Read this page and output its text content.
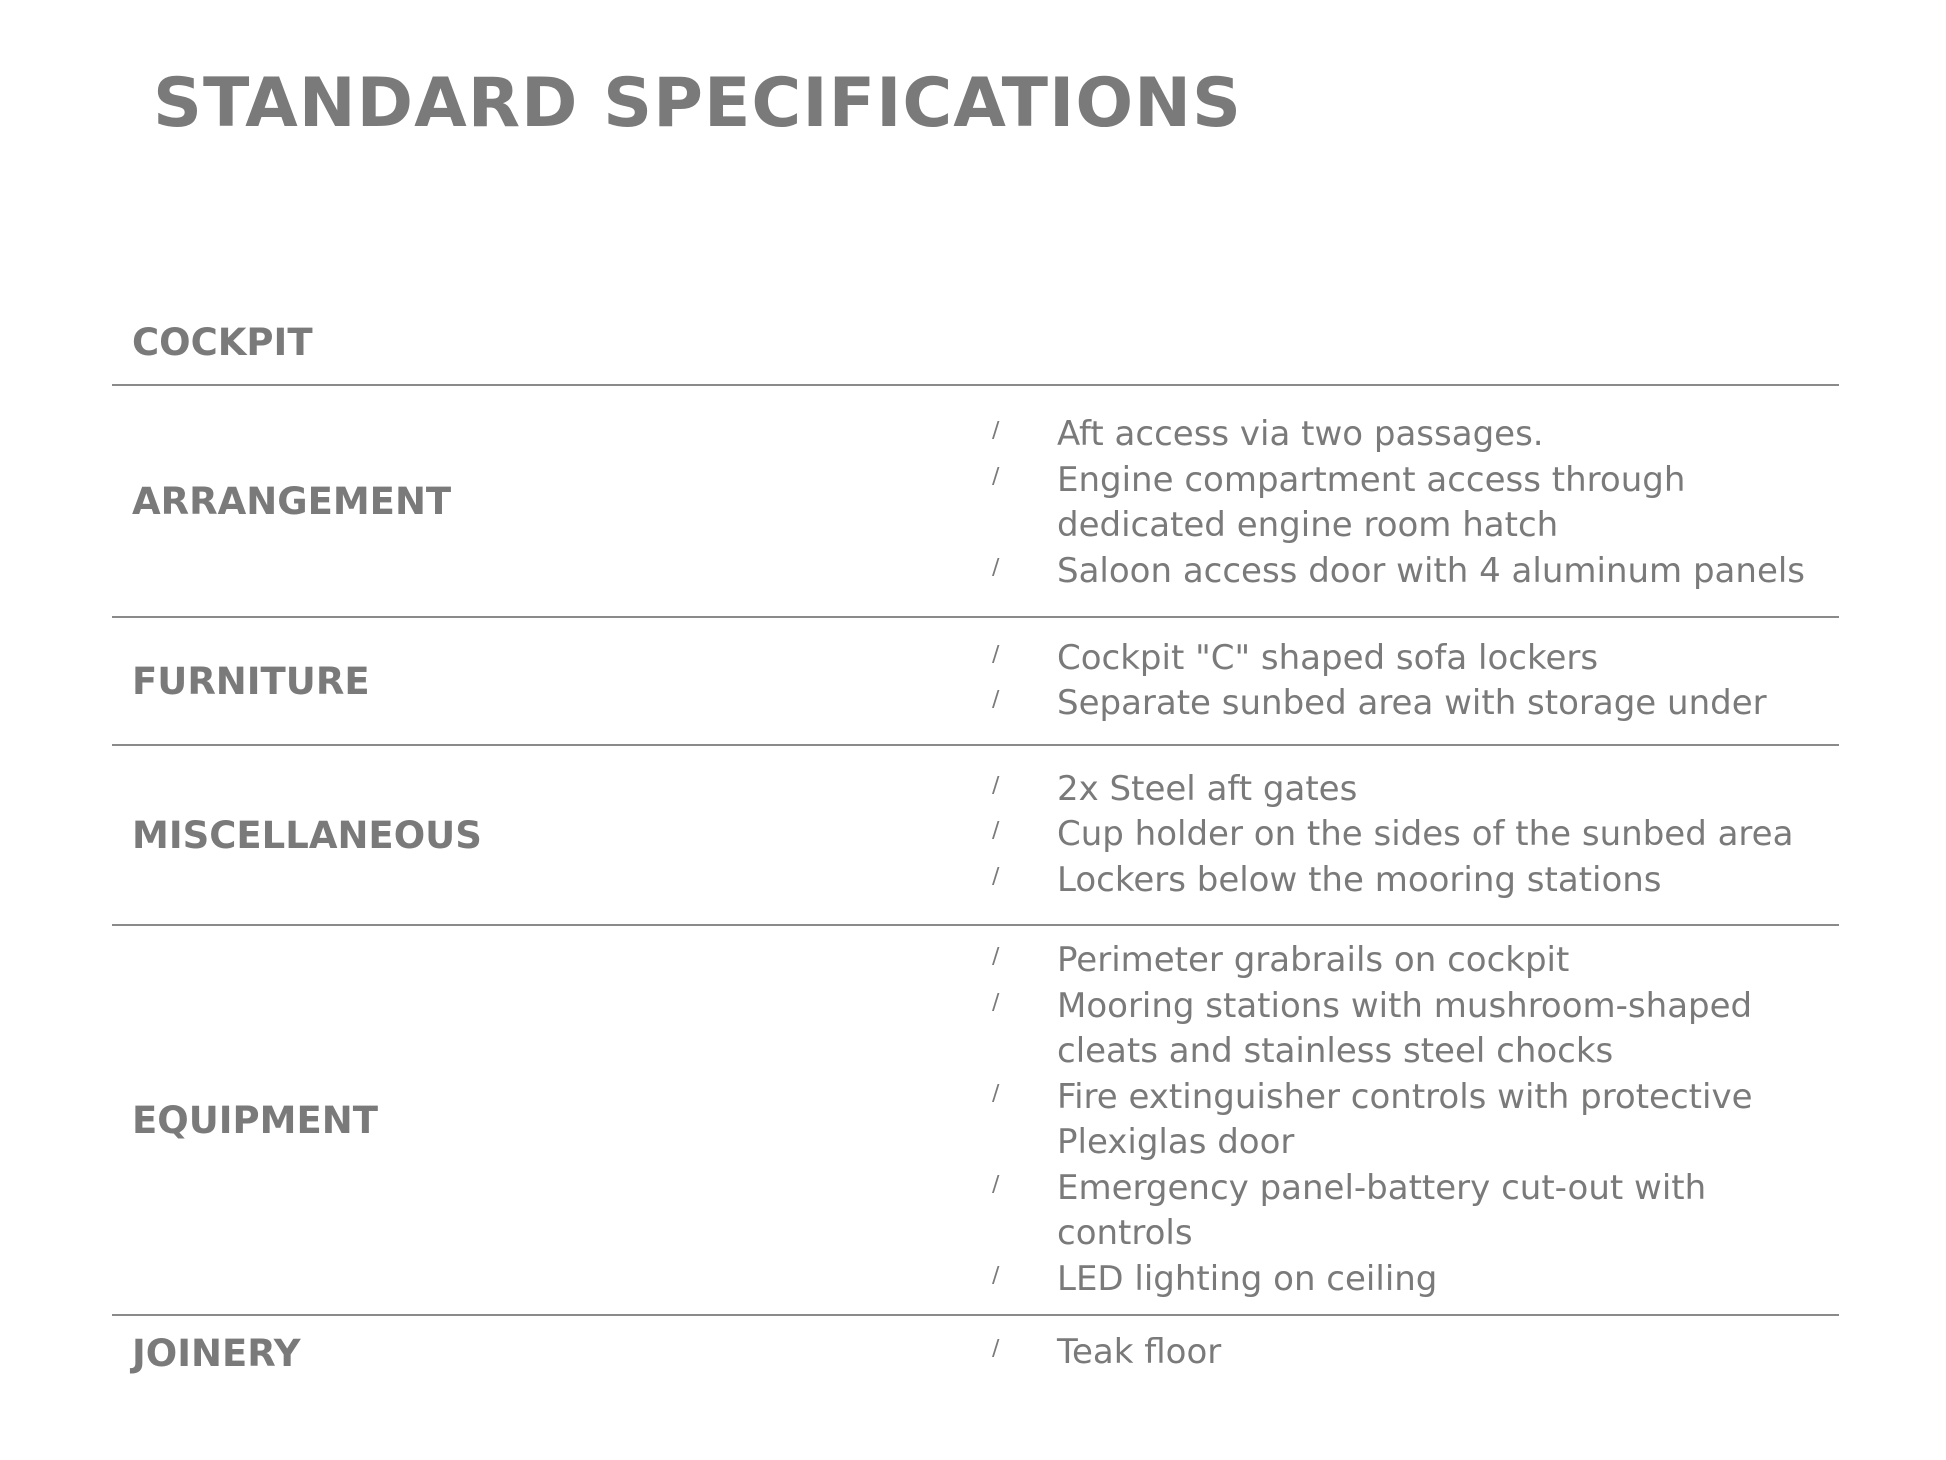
STANDARD SPECIFICATIONS
COCKPIT
ARRANGEMENT
∕ Aft access via two passages.
∕ Engine compartment access through dedicated engine room hatch
∕ Saloon access door with 4 aluminum panels
FURNITURE
∕ Cockpit "C" shaped sofa lockers
∕ Separate sunbed area with storage under
MISCELLANEOUS
∕ 2x Steel aft gates
∕ Cup holder on the sides of the sunbed area
∕ Lockers below the mooring stations
EQUIPMENT
∕ Perimeter grabrails on cockpit
∕ Mooring stations with mushroom-shaped cleats and stainless steel chocks
∕ Fire extinguisher controls with protective Plexiglas door
∕ Emergency panel-battery cut-out with controls
∕ LED lighting on ceiling
JOINERY	∕ Teak floor
